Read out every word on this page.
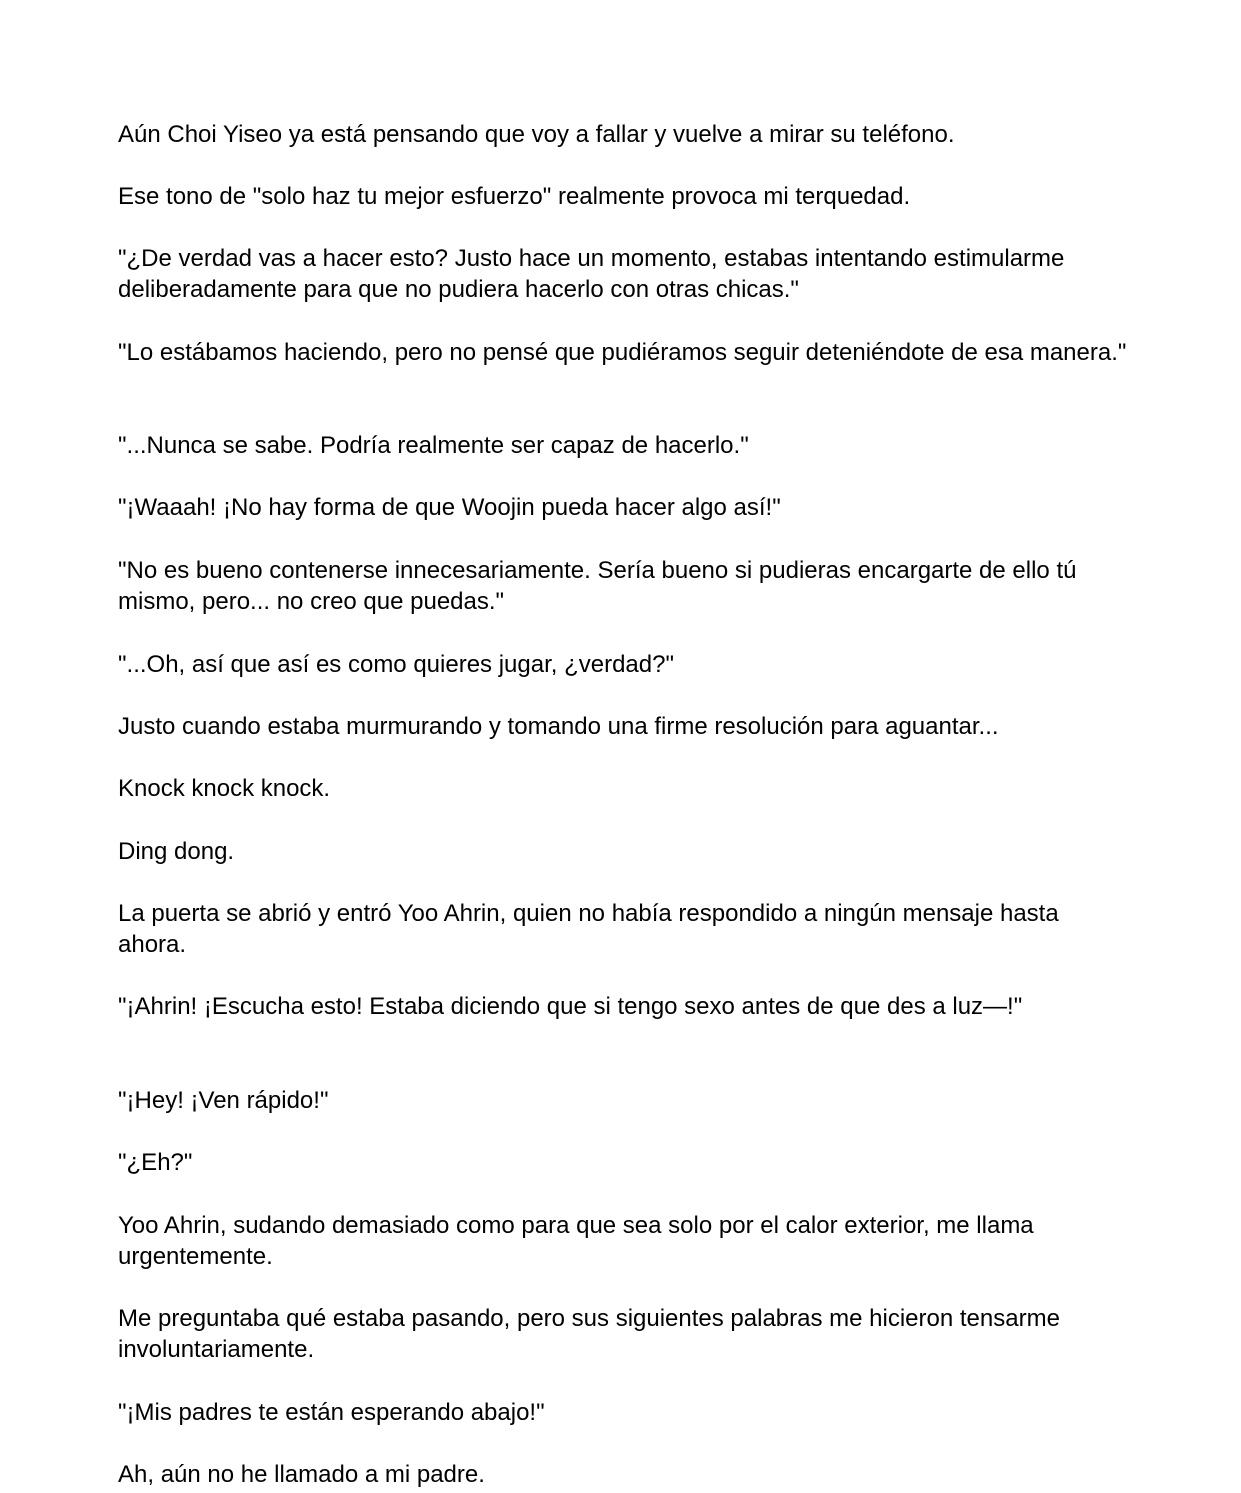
Aún Choi Yiseo ya está pensando que voy a fallar y vuelve a mirar su teléfono.

Ese tono de "solo haz tu mejor esfuerzo" realmente provoca mi terquedad.

"¿De verdad vas a hacer esto? Justo hace un momento, estabas intentando estimularme deliberadamente para que no pudiera hacerlo con otras chicas."

"Lo estábamos haciendo, pero no pensé que pudiéramos seguir deteniéndote de esa manera."

"...Nunca se sabe. Podría realmente ser capaz de hacerlo."

"¡Waaah! ¡No hay forma de que Woojin pueda hacer algo así!"

"No es bueno contenerse innecesariamente. Sería bueno si pudieras encargarte de ello tú mismo, pero... no creo que puedas."

"...Oh, así que así es como quieres jugar, ¿verdad?"

Justo cuando estaba murmurando y tomando una firme resolución para aguantar...

Knock knock knock.

Ding dong.

La puerta se abrió y entró Yoo Ahrin, quien no había respondido a ningún mensaje hasta ahora.

"¡Ahrin! ¡Escucha esto! Estaba diciendo que si tengo sexo antes de que des a luz—!"

"¡Hey! ¡Ven rápido!"

"¿Eh?"

Yoo Ahrin, sudando demasiado como para que sea solo por el calor exterior, me llama urgentemente.

Me preguntaba qué estaba pasando, pero sus siguientes palabras me hicieron tensarme involuntariamente.

"¡Mis padres te están esperando abajo!"

Ah, aún no he llamado a mi padre.
